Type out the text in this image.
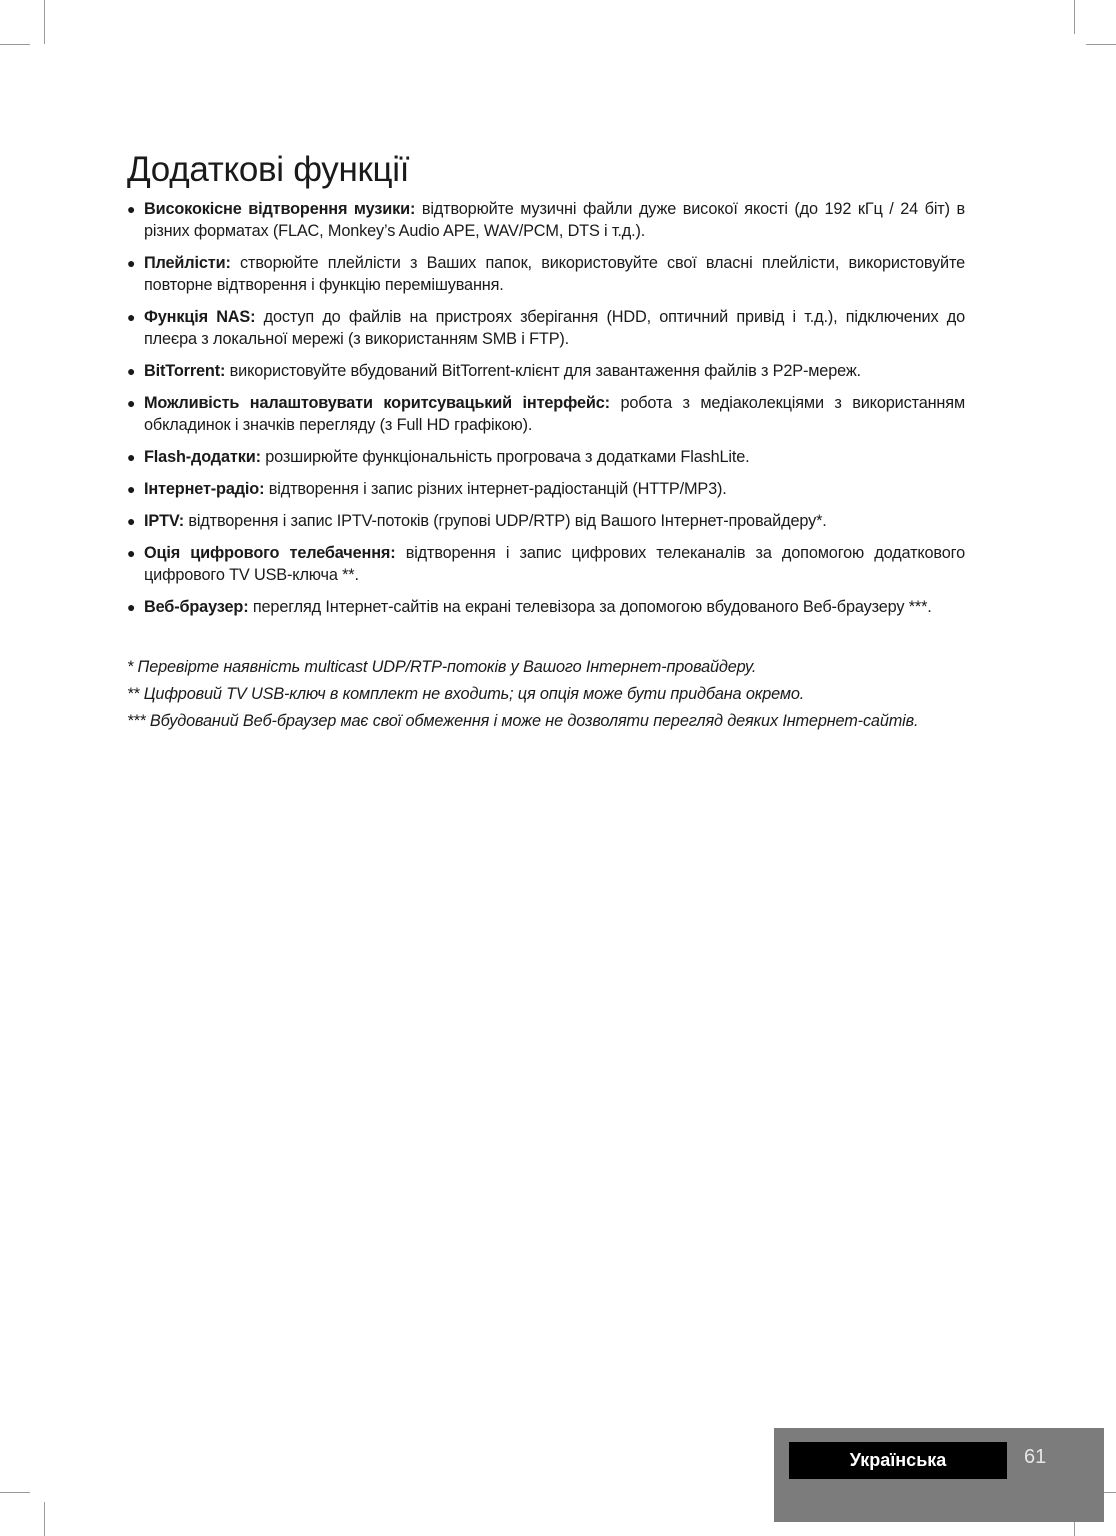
Додаткові функції
● Висококісне відтворення музики: відтворюйте музичні файли дуже високої якості (до 192 кГц / 24 біт) в різних форматах (FLAC, Monkey’s Audio APE, WAV/PCM, DTS і т.д.).
● Плейлісти: створюйте плейлісти з Ваших папок, використовуйте свої власні плейлісти, використовуйте повторне відтворення і функцію перемішування.
● Функція NAS: доступ до файлів на пристроях зберігання (HDD, оптичний привід і т.д.), підключених до плеєра з локальної мережі (з використанням SMB і FTP).
● BitTorrent: використовуйте вбудований BitTorrent-клієнт для завантаження файлів з P2P-мереж.
● Можливість налаштовувати коритсувацький інтерфейс: робота з медіаколекціями з використанням обкладинок і значків перегляду (з Full HD графікою).
● Flash-додатки: розширюйте функціональність прогровача з додатками FlashLite.
● Інтернет-радіо: відтворення і запис різних інтернет-радіостанцій (HTTP/MP3).
● IPTV: відтворення і запис IPTV-потоків (групові UDP/RTP) від Вашого Інтернет-провайдеру*.
● Оція цифрового телебачення: відтворення і запис цифрових телеканалів за допомогою додаткового цифрового TV USB-ключа **.
● Веб-браузер: перегляд Інтернет-сайтів на екрані телевізора за допомогою вбудованого Веб-браузеру ***.

* Перевірте наявність multicast UDP/RTP-потоків у Вашого Інтернет-провайдеру.

** Цифровий TV USB-ключ в комплект не входить; ця опція може бути придбана окремо.

*** Вбудований Веб-браузер має свої обмеження і може не дозволяти перегляд деяких Інтернет-сайтів.

Українська	61
